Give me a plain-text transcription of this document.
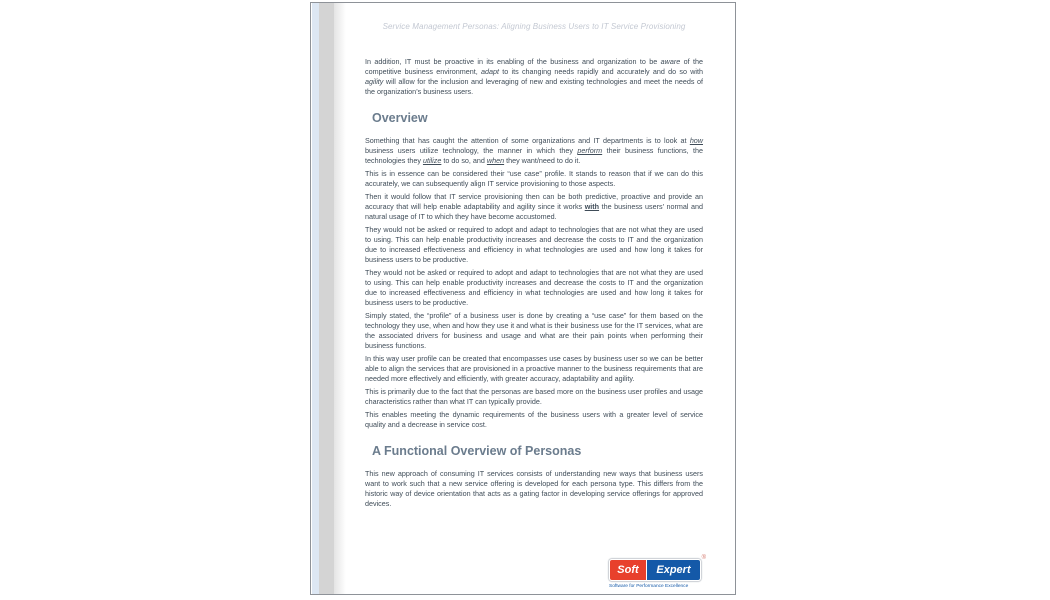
Service Management Personas: Aligning Business Users to IT Service Provisioning

In addition, IT must be proactive in its enabling of the business and organization to be aware of the competitive business environment, adapt to its changing needs rapidly and accurately and do so with agility will allow for the inclusion and leveraging of new and existing technologies and meet the needs of the organization’s business users.

Overview

Something that has caught the attention of some organizations and IT departments is to look at how business users utilize technology, the manner in which they perform their business functions, the technologies they utilize to do so, and when they want/need to do it.

This is in essence can be considered their “use case” profile. It stands to reason that if we can do this accurately, we can subsequently align IT service provisioning to those aspects.

Then it would follow that IT service provisioning then can be both predictive, proactive and provide an accuracy that will help enable adaptability and agility since it works with the business users’ normal and natural usage of IT to which they have become accustomed.

They would not be asked or required to adopt and adapt to technologies that are not what they are used to using. This can help enable productivity increases and decrease the costs to IT and the organization due to increased effectiveness and efficiency in what technologies are used and how long it takes for business users to be productive.

They would not be asked or required to adopt and adapt to technologies that are not what they are used to using. This can help enable productivity increases and decrease the costs to IT and the organization due to increased effectiveness and efficiency in what technologies are used and how long it takes for business users to be productive.

Simply stated, the “profile” of a business user is done by creating a “use case” for them based on the technology they use, when and how they use it and what is their business use for the IT services, what are the associated drivers for business and usage and what are their pain points when performing their business functions.

In this way user profile can be created that encompasses use cases by business user so we can be better able to align the services that are provisioned in a proactive manner to the business requirements that are needed more effectively and efficiently, with greater accuracy, adaptability and agility.

This is primarily due to the fact that the personas are based more on the business user profiles and usage characteristics rather than what IT can typically provide.

This enables meeting the dynamic requirements of the business users with a greater level of service quality and a decrease in service cost.

A Functional Overview of Personas

This new approach of consuming IT services consists of understanding new ways that business users want to work such that a new service offering is developed for each persona type. This differs from the historic way of device orientation that acts as a gating factor in developing service offerings for approved devices.

Soft	Expert
®
Software for Performance Excellence
